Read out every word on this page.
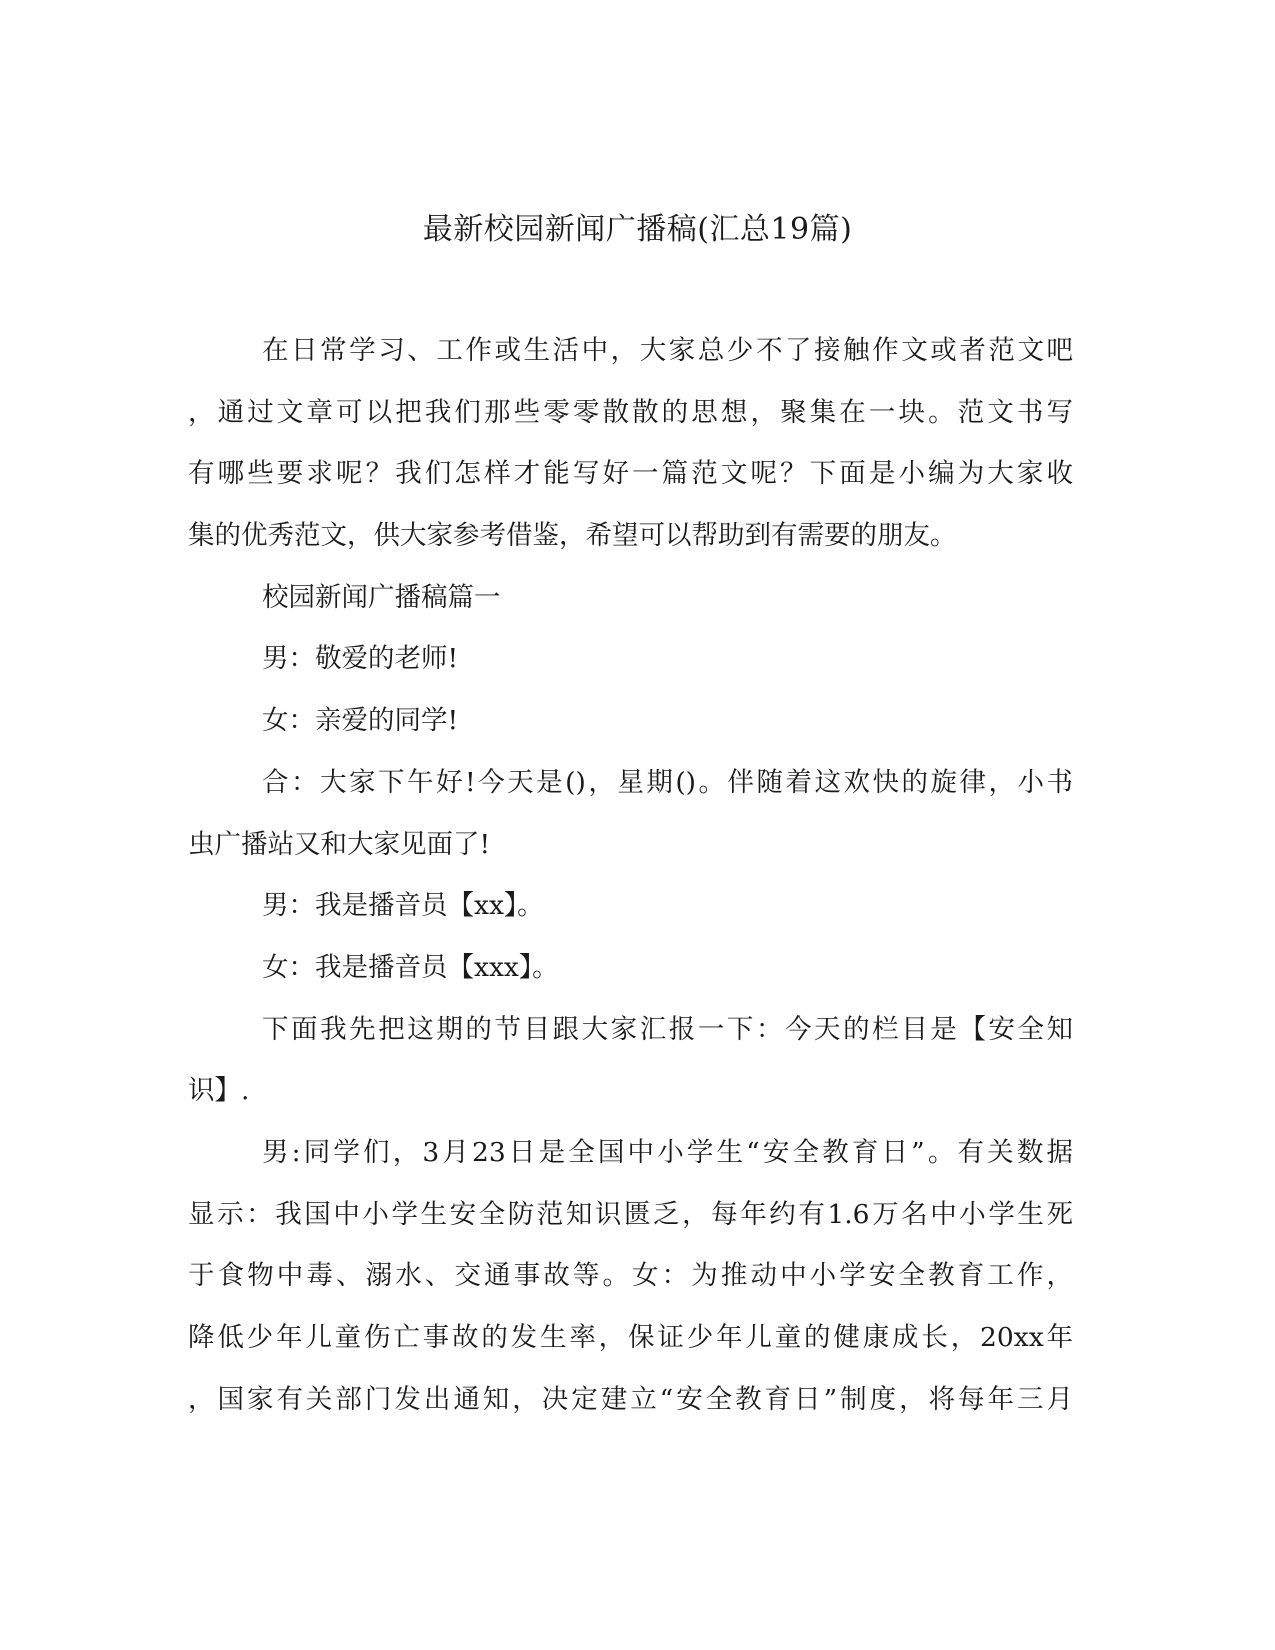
最新校园新闻广播稿(汇总19篇)
在日常学习、工作或生活中，大家总少不了接触作文或者范文吧
，通过文章可以把我们那些零零散散的思想，聚集在一块。范文书写
有哪些要求呢？我们怎样才能写好一篇范文呢？下面是小编为大家收
集的优秀范文，供大家参考借鉴，希望可以帮助到有需要的朋友。
校园新闻广播稿篇一
男：敬爱的老师!
女：亲爱的同学!
合：大家下午好!今天是()，星期()。伴随着这欢快的旋律，小书
虫广播站又和大家见面了!
男：我是播音员【xx】。
女：我是播音员【xxx】。
下面我先把这期的节目跟大家汇报一下：今天的栏目是【安全知
识】.
男:同学们，3月23日是全国中小学生“安全教育日”。有关数据
显示：我国中小学生安全防范知识匮乏，每年约有1.6万名中小学生死
于食物中毒、溺水、交通事故等。女：为推动中小学安全教育工作，
降低少年儿童伤亡事故的发生率，保证少年儿童的健康成长，20xx年
，国家有关部门发出通知，决定建立“安全教育日”制度，将每年三月
